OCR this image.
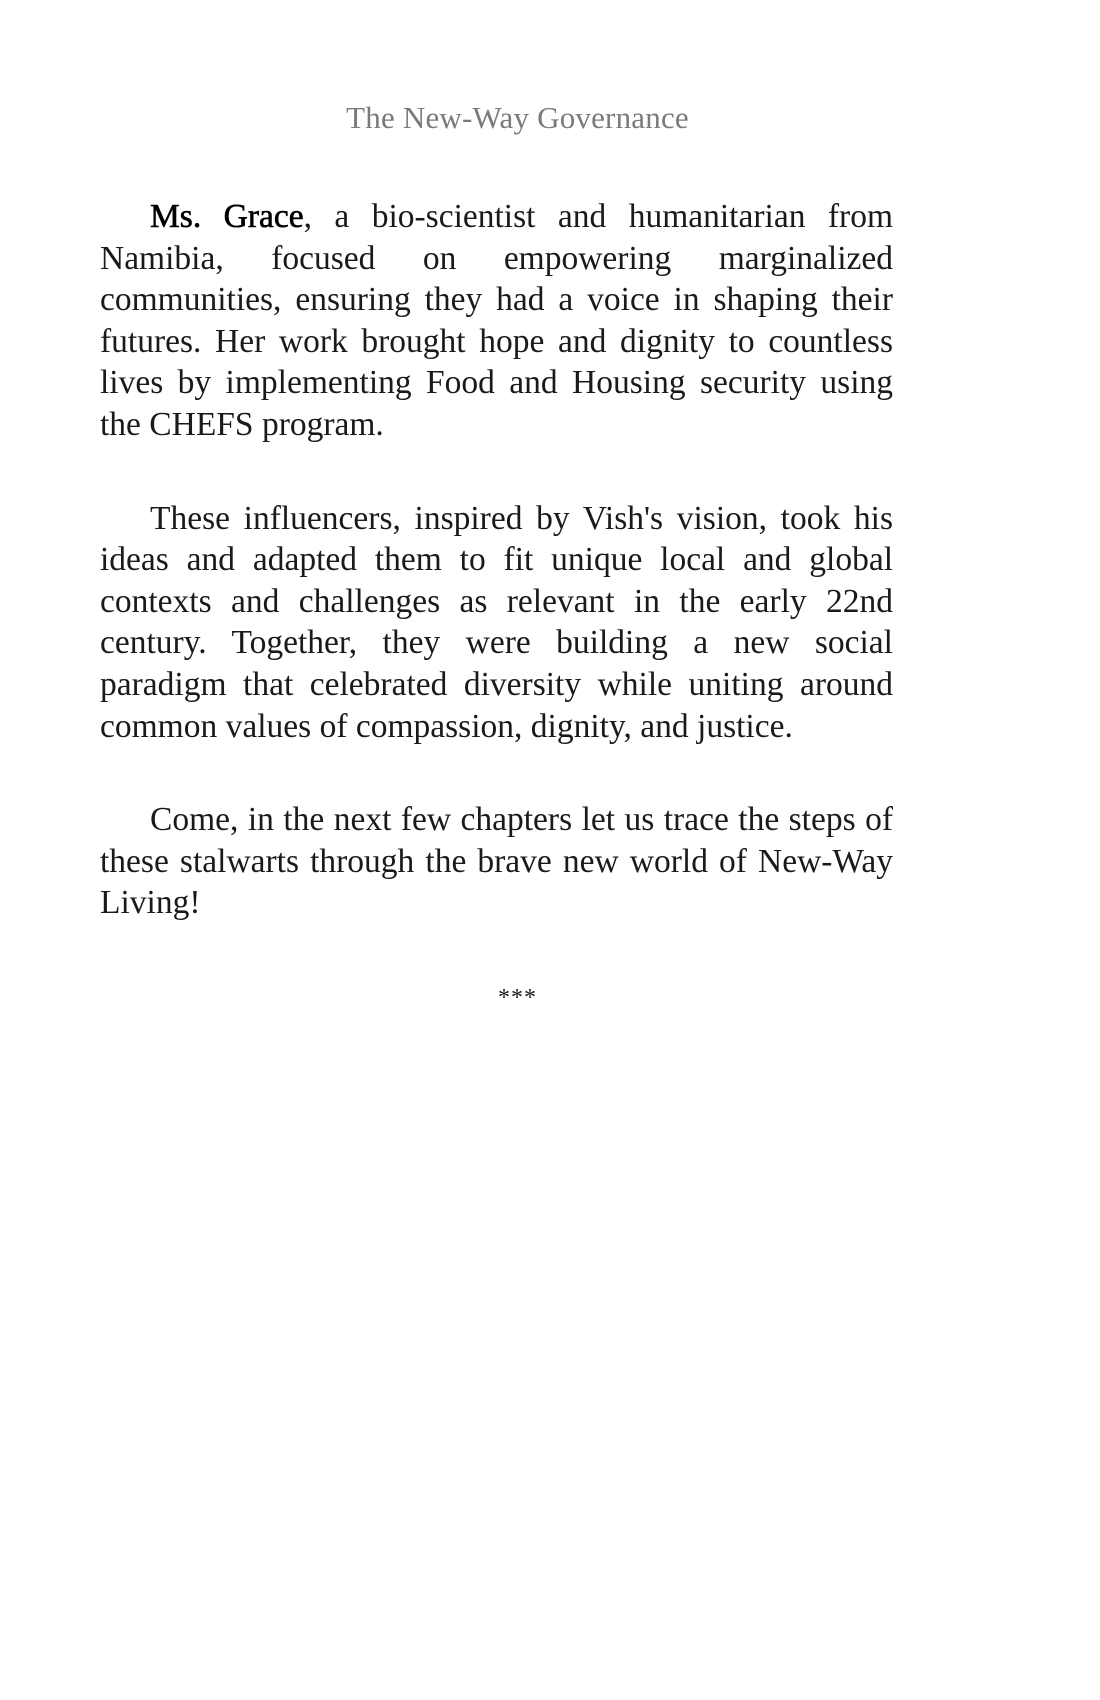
The New-Way Governance

Ms. Grace, a bio-scientist and humanitarian from Namibia, focused on empowering marginalized communities, ensuring they had a voice in shaping their futures. Her work brought hope and dignity to countless lives by implementing Food and Housing security using the CHEFS program.

These influencers, inspired by Vish's vision, took his ideas and adapted them to fit unique local and global contexts and challenges as relevant in the early 22nd century. Together, they were building a new social paradigm that celebrated diversity while uniting around common values of compassion, dignity, and justice.

Come, in the next few chapters let us trace the steps of these stalwarts through the brave new world of New-Way Living!

***
